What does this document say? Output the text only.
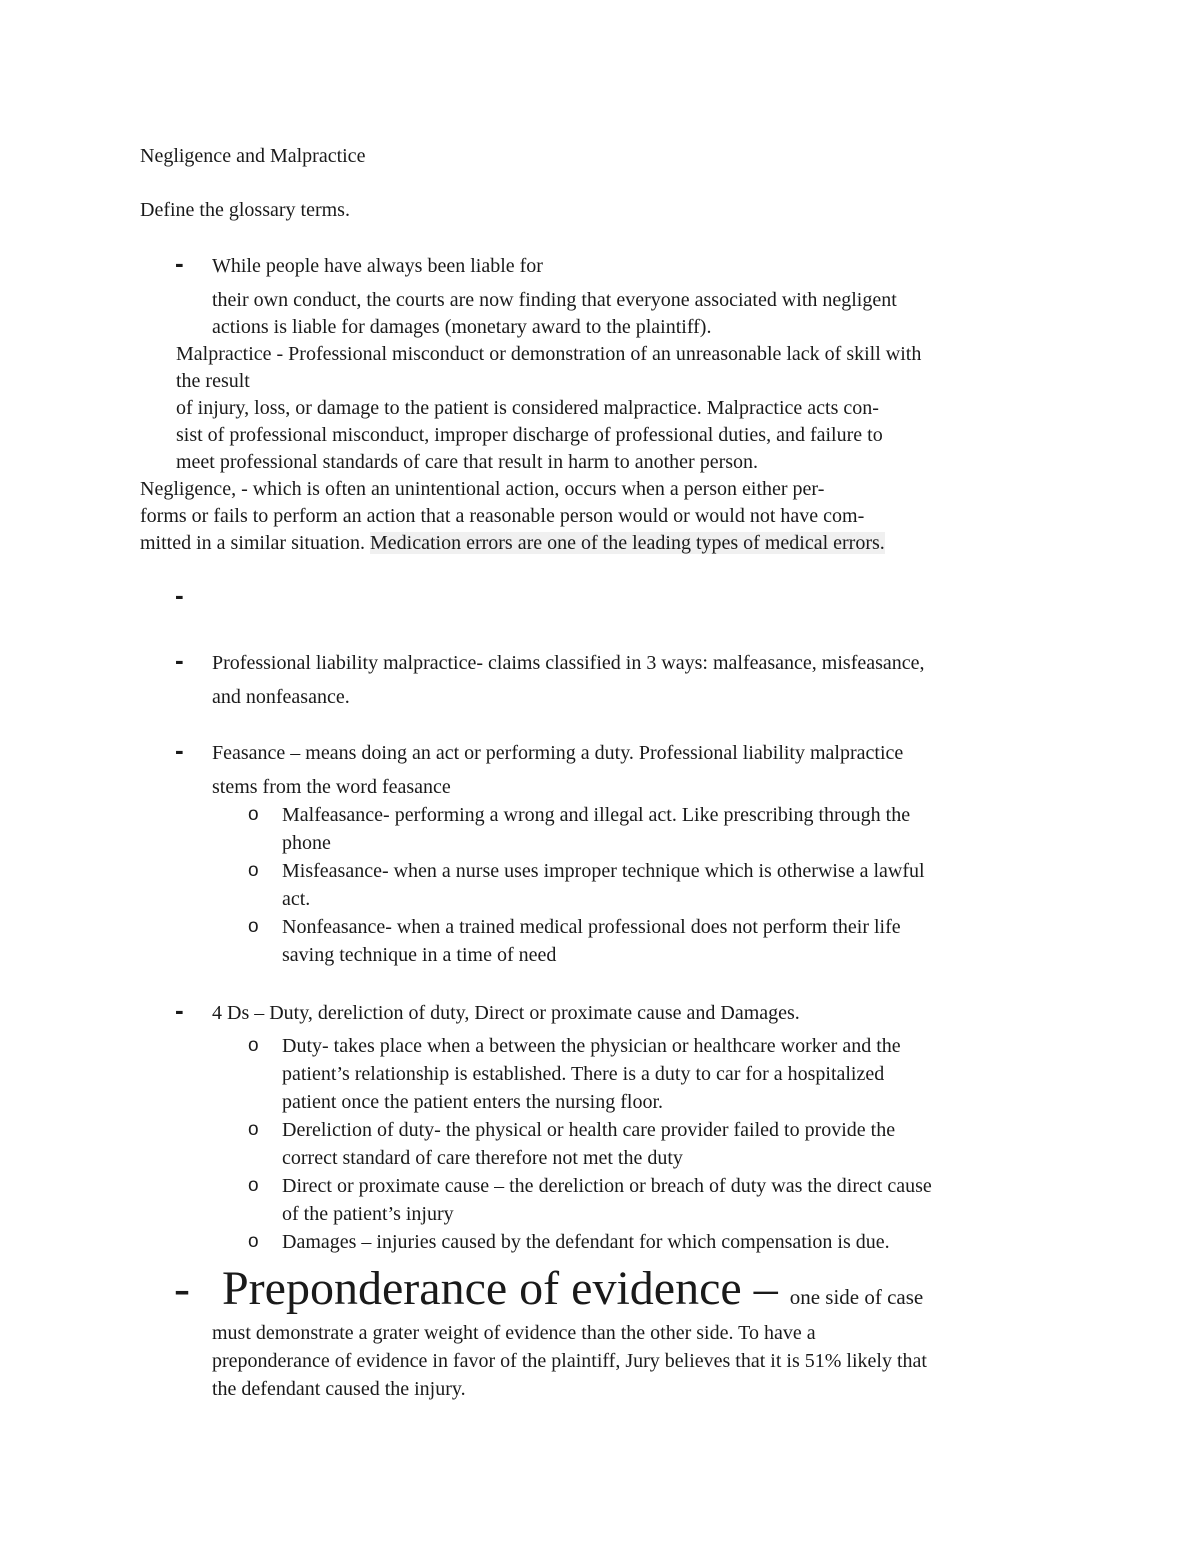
Negligence and Malpractice

Define the glossary terms.

- While people have always been liable for

their own conduct, the courts are now finding that everyone associated with negligent

actions is liable for damages (monetary award to the plaintiff).

Malpractice - Professional misconduct or demonstration of an unreasonable lack of skill with

the result

of injury, loss, or damage to the patient is considered malpractice. Malpractice acts con-

sist of professional misconduct, improper discharge of professional duties, and failure to

meet professional standards of care that result in harm to another person.

Negligence, - which is often an unintentional action, occurs when a person either per-

forms or fails to perform an action that a reasonable person would or would not have com-

mitted in a similar situation. Medication errors are one of the leading types of medical errors.

-
- Professional liability malpractice- claims classified in 3 ways: malfeasance, misfeasance,

and nonfeasance.

- Feasance – means doing an act or performing a duty. Professional liability malpractice

stems from the word feasance

o Malfeasance- performing a wrong and illegal act. Like prescribing through the
phone
o Misfeasance- when a nurse uses improper technique which is otherwise a lawful
act.
o Nonfeasance- when a trained medical professional does not perform their life
saving technique in a time of need
- 4 Ds – Duty, dereliction of duty, Direct or proximate cause and Damages.

o Duty- takes place when a between the physician or healthcare worker and the
patient’s relationship is established. There is a duty to car for a hospitalized
patient once the patient enters the nursing floor.
o Dereliction of duty- the physical or health care provider failed to provide the
correct standard of care therefore not met the duty
o Direct or proximate cause – the dereliction or breach of duty was the direct cause
of the patient’s injury
o Damages – injuries caused by the defendant for which compensation is due.
- Preponderance of evidence – one side of case

must demonstrate a grater weight of evidence than the other side. To have a

preponderance of evidence in favor of the plaintiff, Jury believes that it is 51% likely that

the defendant caused the injury.
